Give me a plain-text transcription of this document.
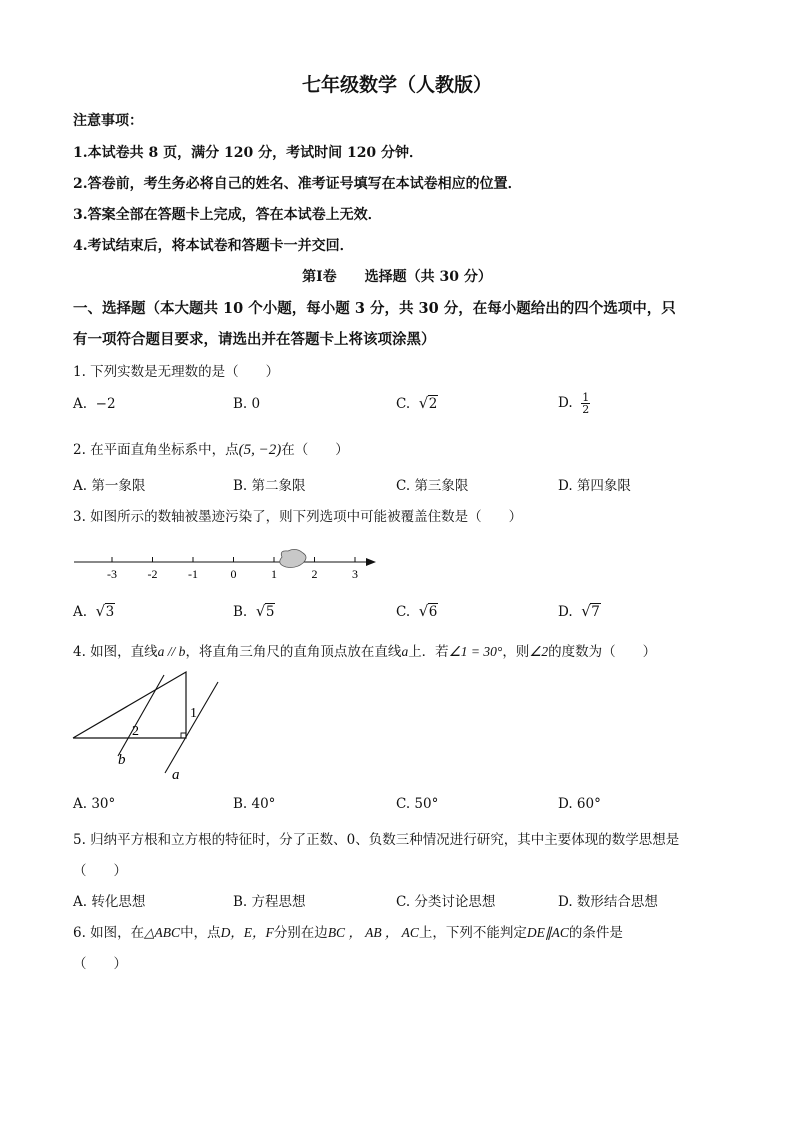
七年级数学（人教版）
注意事项：
1.本试卷共 8 页，满分 120 分，考试时间 120 分钟．
2.答卷前，考生务必将自己的姓名、准考证号填写在本试卷相应的位置．
3.答案全部在答题卡上完成，答在本试卷上无效．
4.考试结束后，将本试卷和答题卡一并交回．
第Ⅰ卷　　选择题（共 30 分）
一、选择题（本大题共 10 个小题，每小题 3 分，共 30 分，在每小题给出的四个选项中，只
有一项符合题目要求，请选出并在答题卡上将该项涂黑）
1. 下列实数是无理数的是（　　）
A. −2	B. 0	C. √ 2	D. $\frac{1}{2}$
2. 在平面直角坐标系中，点(5, −2)在（　　）
A. 第一象限	B. 第二象限	C. 第三象限	D. 第四象限
3. 如图所示的数轴被墨迹污染了，则下列选项中可能被覆盖住数是（　　）
-3	-2	-1	0	1	2	3
A. √ 3	B. √ 5	C. √ 6	D. √ 7
4. 如图，直线a // b，将直角三角尺的直角顶点放在直线a上．若∠1 = 30°，则∠2的度数为（　　）
1
2
b
a
A. 30°	B. 40°	C. 50°	D. 60°
5. 归纳平方根和立方根的特征时，分了正数、0、负数三种情况进行研究，其中主要体现的数学思想是
（　　）
A. 转化思想	B. 方程思想	C. 分类讨论思想	D. 数形结合思想
6. 如图，在△ABC中，点D，E，F分别在边BC ， AB ， AC上，下列不能判定DE∥AC的条件是
（　　）
